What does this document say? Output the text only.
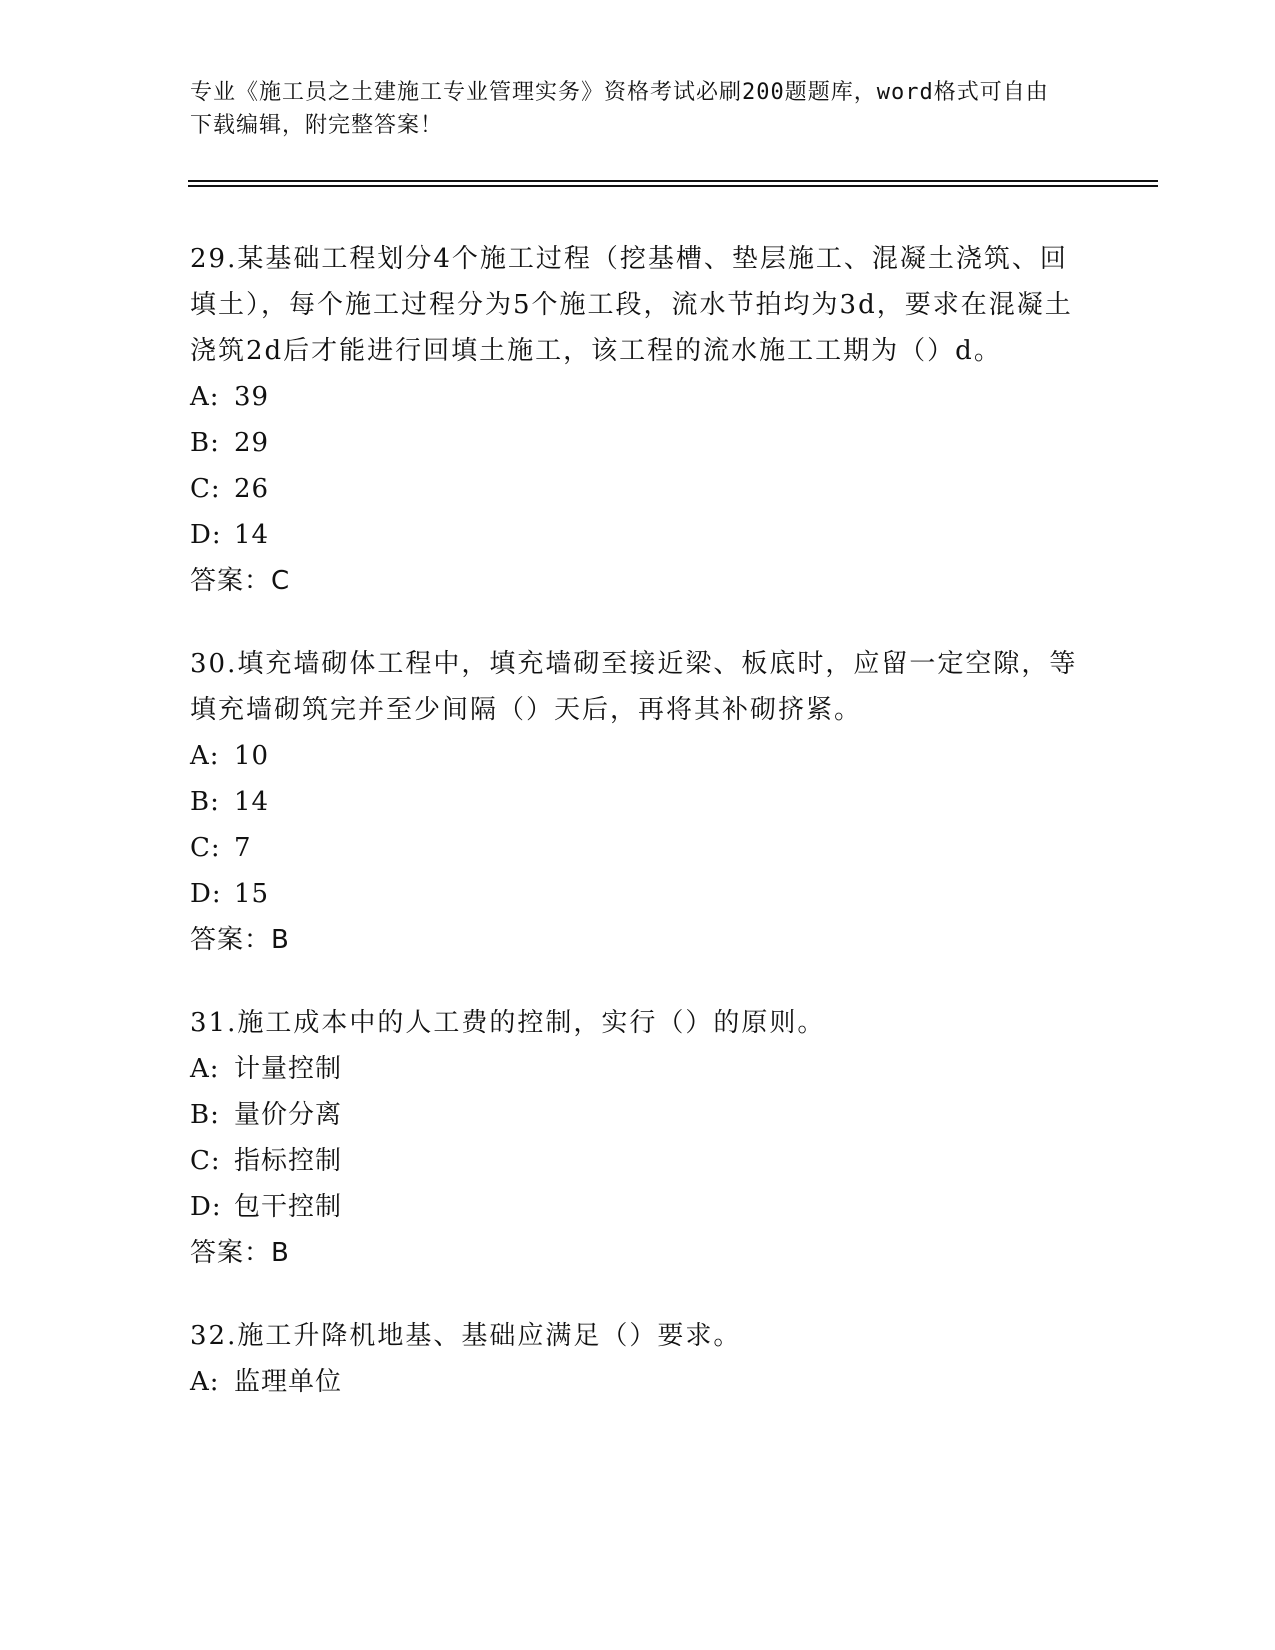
专业《施工员之土建施工专业管理实务》资格考试必刷200题题库，word格式可自由下载编辑，附完整答案！
29.某基础工程划分4个施工过程（挖基槽、垫层施工、混凝土浇筑、回填土），每个施工过程分为5个施工段，流水节拍均为3d，要求在混凝土浇筑2d后才能进行回填土施工，该工程的流水施工工期为（）d。
A: 39
B: 29
C: 26
D: 14
答案：C
30.填充墙砌体工程中，填充墙砌至接近梁、板底时，应留一定空隙，等填充墙砌筑完并至少间隔（）天后，再将其补砌挤紧。
A: 10
B: 14
C: 7
D: 15
答案：B
31.施工成本中的人工费的控制，实行（）的原则。
A: 计量控制
B: 量价分离
C: 指标控制
D: 包干控制
答案：B
32.施工升降机地基、基础应满足（）要求。
A: 监理单位
